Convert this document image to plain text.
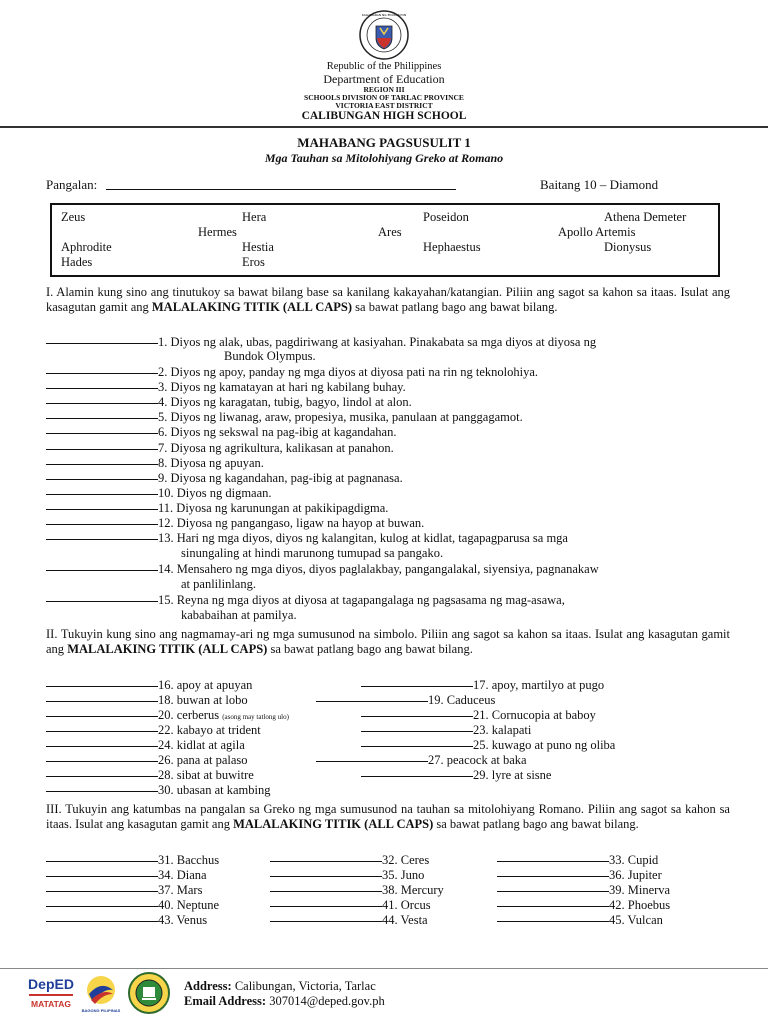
KAGAWARAN NG EDUKASYON
Republic of the Philippines
Department of Education
REGION III
SCHOOLS DIVISION OF TARLAC PROVINCE
VICTORIA EAST DISTRICT
CALIBUNGAN HIGH SCHOOL
MAHABANG PAGSUSULIT 1
Mga Tauhan sa Mitolohiyang Greko at Romano
Pangalan:	Baitang 10 – Diamond
Zeus	Hera	Poseidon	Athena Demeter
Hermes	Ares	Apollo Artemis
Aphrodite	Hestia	Hephaestus	Dionysus
Hades	Eros
I. Alamin kung sino ang tinutukoy sa bawat bilang base sa kanilang kakayahan/katangian. Piliin ang sagot sa kahon sa itaas. Isulat ang kasagutan gamit ang MALALAKING TITIK (ALL CAPS) sa bawat patlang bago ang bawat bilang.
1. Diyos ng alak, ubas, pagdiriwang at kasiyahan. Pinakabata sa mga diyos at diyosa ng
Bundok Olympus.
2. Diyos ng apoy, panday ng mga diyos at diyosa pati na rin ng teknolohiya.
3. Diyos ng kamatayan at hari ng kabilang buhay.
4. Diyos ng karagatan, tubig, bagyo, lindol at alon.
5. Diyos ng liwanag, araw, propesiya, musika, panulaan at panggagamot.
6. Diyos ng sekswal na pag-ibig at kagandahan.
7. Diyosa ng agrikultura, kalikasan at panahon.
8. Diyosa ng apuyan.
9. Diyosa ng kagandahan, pag-ibig at pagnanasa.
10. Diyos ng digmaan.
11. Diyosa ng karunungan at pakikipagdigma.
12. Diyosa ng pangangaso, ligaw na hayop at buwan.
13. Hari ng mga diyos, diyos ng kalangitan, kulog at kidlat, tagapagparusa sa mga
sinungaling at hindi marunong tumupad sa pangako.
14. Mensahero ng mga diyos, diyos paglalakbay, pangangalakal, siyensiya, pagnanakaw
at panlilinlang.
15. Reyna ng mga diyos at diyosa at tagapangalaga ng pagsasama ng mag-asawa,
kababaihan at pamilya.
II. Tukuyin kung sino ang nagmamay-ari ng mga sumusunod na simbolo. Piliin ang sagot sa kahon sa itaas. Isulat ang kasagutan gamit ang MALALAKING TITIK (ALL CAPS) sa bawat patlang bago ang bawat bilang.
16. apoy at apuyan	17. apoy, martilyo at pugo
18. buwan at lobo	19. Caduceus
20. cerberus (asong may tatlong ulo)	21. Cornucopia at baboy
22. kabayo at trident	23. kalapati
24. kidlat at agila	25. kuwago at puno ng oliba
26. pana at palaso	27. peacock at baka
28. sibat at buwitre	29. lyre at sisne
30. ubasan at kambing
III. Tukuyin ang katumbas na pangalan sa Greko ng mga sumusunod na tauhan sa mitolohiyang Romano. Piliin ang sagot sa kahon sa itaas. Isulat ang kasagutan gamit ang MALALAKING TITIK (ALL CAPS) sa bawat patlang bago ang bawat bilang.
31. Bacchus	32. Ceres	33. Cupid
34. Diana	35. Juno	36. Jupiter
37. Mars	38. Mercury	39. Minerva
40. Neptune	41. Orcus	42. Phoebus
43. Venus	44. Vesta	45. Vulcan
DepED
MATATAG
BAGONG PILIPINAS
Address: Calibungan, Victoria, Tarlac
Email Address: 307014@deped.gov.ph
